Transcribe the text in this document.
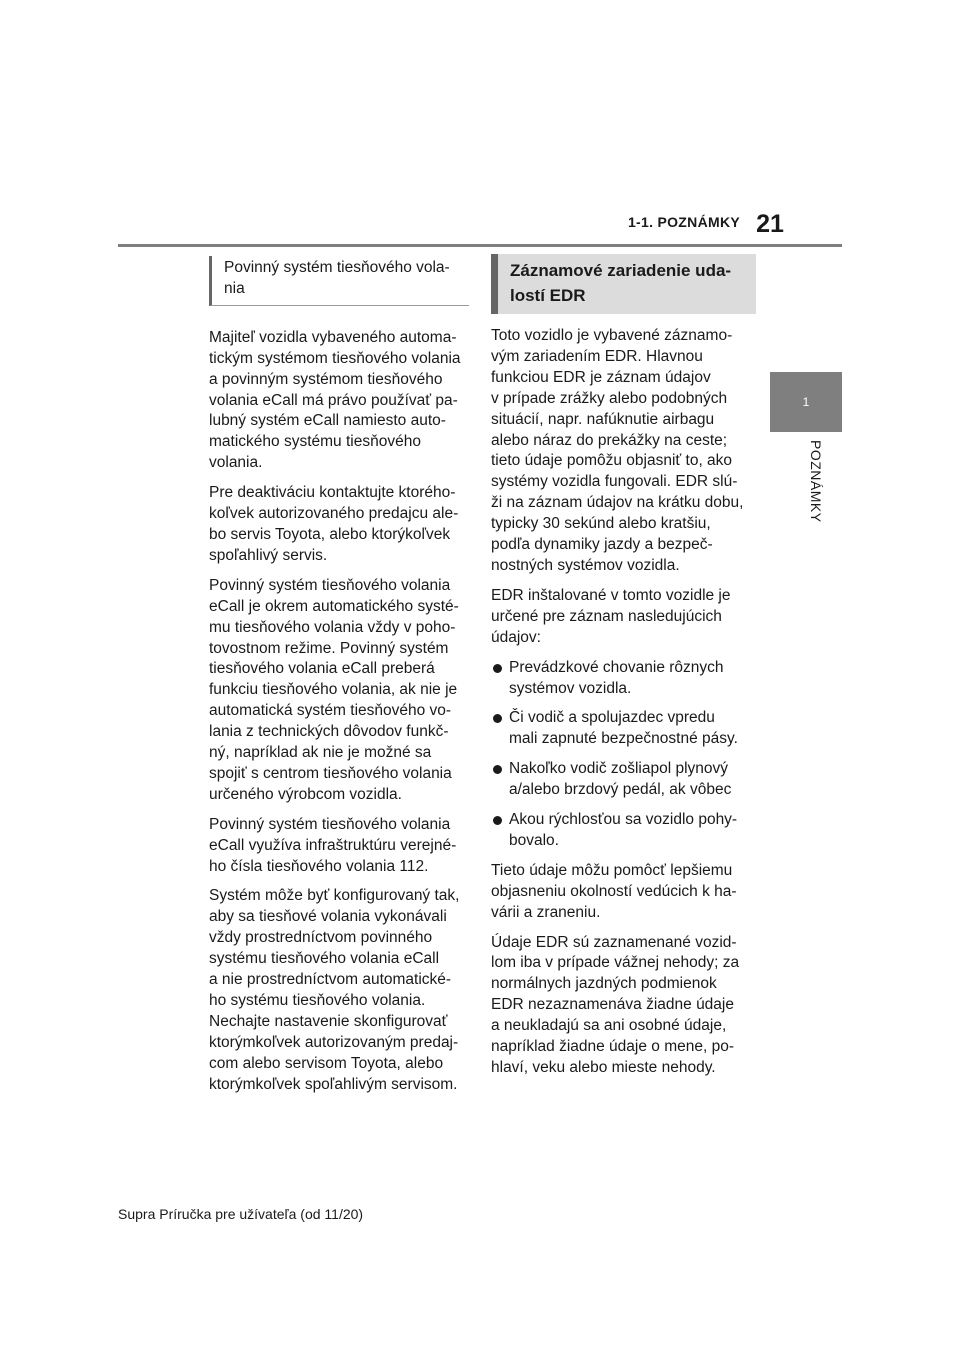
1-1. POZNÁMKY 21
1
POZNÁMKY
Povinný systém tiesňového vola-
nia

Majiteľ vozidla vybaveného automa-
tickým systémom tiesňového volania
a povinným systémom tiesňového
volania eCall má právo používať pa-
lubný systém eCall namiesto auto-
matického systému tiesňového
volania.

Pre deaktiváciu kontaktujte ktorého-
koľvek autorizovaného predajcu ale-
bo servis Toyota, alebo ktorýkoľvek
spoľahlivý servis.

Povinný systém tiesňového volania
eCall je okrem automatického systé-
mu tiesňového volania vždy v poho-
tovostnom režime. Povinný systém
tiesňového volania eCall preberá
funkciu tiesňového volania, ak nie je
automatická systém tiesňového vo-
lania z technických dôvodov funkč-
ný, napríklad ak nie je možné sa
spojiť s centrom tiesňového volania
určeného výrobcom vozidla.

Povinný systém tiesňového volania
eCall využíva infraštruktúru verejné-
ho čísla tiesňového volania 112.

Systém môže byť konfigurovaný tak,
aby sa tiesňové volania vykonávali
vždy prostredníctvom povinného
systému tiesňového volania eCall
a nie prostredníctvom automatické-
ho systému tiesňového volania.
Nechajte nastavenie skonfigurovať
ktorýmkoľvek autorizovaným predaj-
com alebo servisom Toyota, alebo
ktorýmkoľvek spoľahlivým servisom.

Záznamové zariadenie uda-
lostí EDR

Toto vozidlo je vybavené záznamo-
vým zariadením EDR. Hlavnou
funkciou EDR je záznam údajov
v prípade zrážky alebo podobných
situácií, napr. nafúknutie airbagu
alebo náraz do prekážky na ceste;
tieto údaje pomôžu objasniť to, ako
systémy vozidla fungovali. EDR slú-
ži na záznam údajov na krátku dobu,
typicky 30 sekúnd alebo kratšiu,
podľa dynamiky jazdy a bezpeč-
nostných systémov vozidla.

EDR inštalované v tomto vozidle je
určené pre záznam nasledujúcich
údajov:

Prevádzkové chovanie rôznych
systémov vozidla.
Či vodič a spolujazdec vpredu
mali zapnuté bezpečnostné pásy.
Nakoľko vodič zošliapol plynový
a/alebo brzdový pedál, ak vôbec
Akou rýchlosťou sa vozidlo pohy-
bovalo.

Tieto údaje môžu pomôcť lepšiemu
objasneniu okolností vedúcich k ha-
várii a zraneniu.

Údaje EDR sú zaznamenané vozid-
lom iba v prípade vážnej nehody; za
normálnych jazdných podmienok
EDR nezaznamenáva žiadne údaje
a neukladajú sa ani osobné údaje,
napríklad žiadne údaje o mene, po-
hlaví, veku alebo mieste nehody.

Supra Príručka pre užívateľa (od 11/20)
